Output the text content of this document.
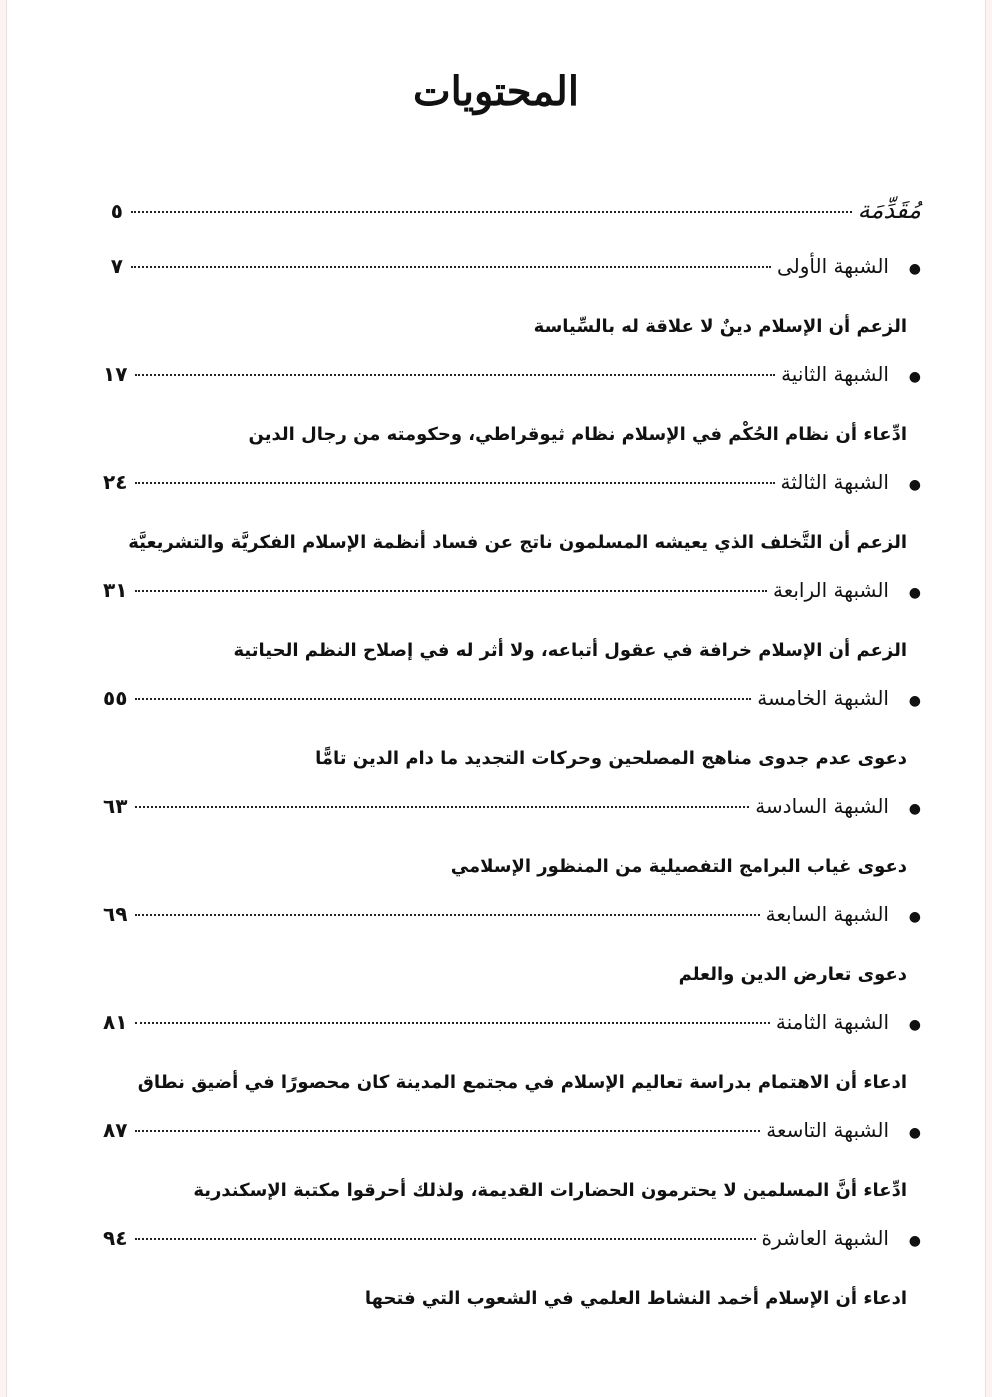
المحتويات
مُقَدِّمَة
٥
●
الشبهة الأولى
٧
الزعم أن الإسلام دينٌ لا علاقة له بالسِّياسة
●
الشبهة الثانية
١٧
ادِّعاء أن نظام الحُكْم في الإسلام نظام ثيوقراطي، وحكومته من رجال الدين
●
الشبهة الثالثة
٢٤
الزعم أن التَّخلف الذي يعيشه المسلمون ناتج عن فساد أنظمة الإسلام الفكريَّة والتشريعيَّة
●
الشبهة الرابعة
٣١
الزعم أن الإسلام خرافة في عقول أتباعه، ولا أثر له في إصلاح النظم الحياتية
●
الشبهة الخامسة
٥٥
دعوى عدم جدوى مناهج المصلحين وحركات التجديد ما دام الدين تامًّا
●
الشبهة السادسة
٦٣
دعوى غياب البرامج التفصيلية من المنظور الإسلامي
●
الشبهة السابعة
٦٩
دعوى تعارض الدين والعلم
●
الشبهة الثامنة
٨١
ادعاء أن الاهتمام بدراسة تعاليم الإسلام في مجتمع المدينة كان محصورًا في أضيق نطاق
●
الشبهة التاسعة
٨٧
ادِّعاء أنَّ المسلمين لا يحترمون الحضارات القديمة، ولذلك أحرقوا مكتبة الإسكندرية
●
الشبهة العاشرة
٩٤
ادعاء أن الإسلام أخمد النشاط العلمي في الشعوب التي فتحها
